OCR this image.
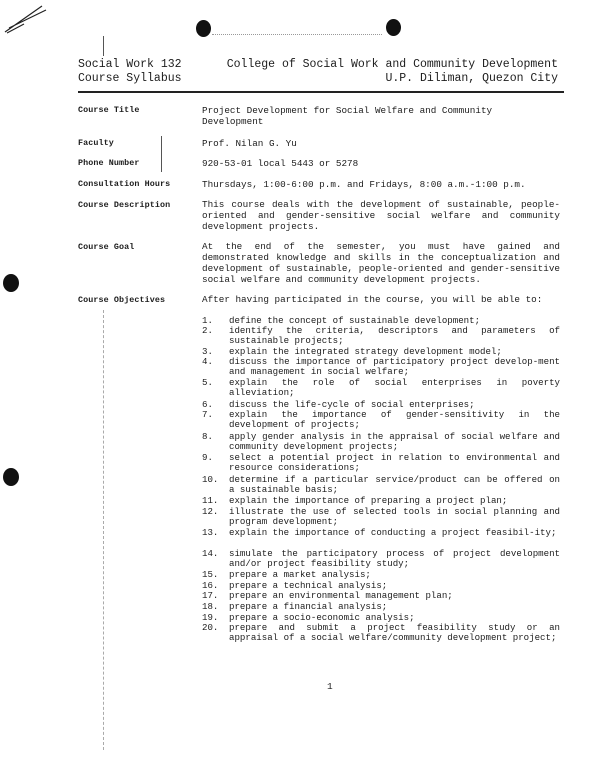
Social Work 132
Course Syllabus
College of Social Work and Community Development
U.P. Diliman, Quezon City
Course Title	Project Development for Social Welfare and Community
Development
Faculty	Prof. Nilan G. Yu
Phone Number	920-53-01 local 5443 or 5278
Consultation Hours	Thursdays, 1:00-6:00 p.m. and Fridays, 8:00 a.m.-1:00 p.m.
Course Description	This course deals with the development of sustainable, people-oriented and gender-sensitive social welfare and community development projects.
Course Goal	At the end of the semester, you must have gained and demonstrated knowledge and skills in the conceptualization and development of sustainable, people-oriented and gender-sensitive social welfare and community development projects.
Course Objectives	After having participated in the course, you will be able to:
1.	define the concept of sustainable development;
2.	identify the criteria, descriptors and parameters of sustainable projects;
3.	explain the integrated strategy development model;
4.	discuss the importance of participatory project develop-ment and management in social welfare;
5.	explain the role of social enterprises in poverty alleviation;
6.	discuss the life-cycle of social enterprises;
7.	explain the importance of gender-sensitivity in the development of projects;
8.	apply gender analysis in the appraisal of social welfare and community development projects;
9.	select a potential project in relation to environmental and resource considerations;
10.	determine if a particular service/product can be offered on a sustainable basis;
11.	explain the importance of preparing a project plan;
12.	illustrate the use of selected tools in social planning and program development;
13.	explain the importance of conducting a project feasibil-ity;
14.	simulate the participatory process of project development and/or project feasibility study;
15.	prepare a market analysis;
16.	prepare a technical analysis;
17.	prepare an environmental management plan;
18.	prepare a financial analysis;
19.	prepare a socio-economic analysis;
20.	prepare and submit a project feasibility study or an appraisal of a social welfare/community development project;
1
